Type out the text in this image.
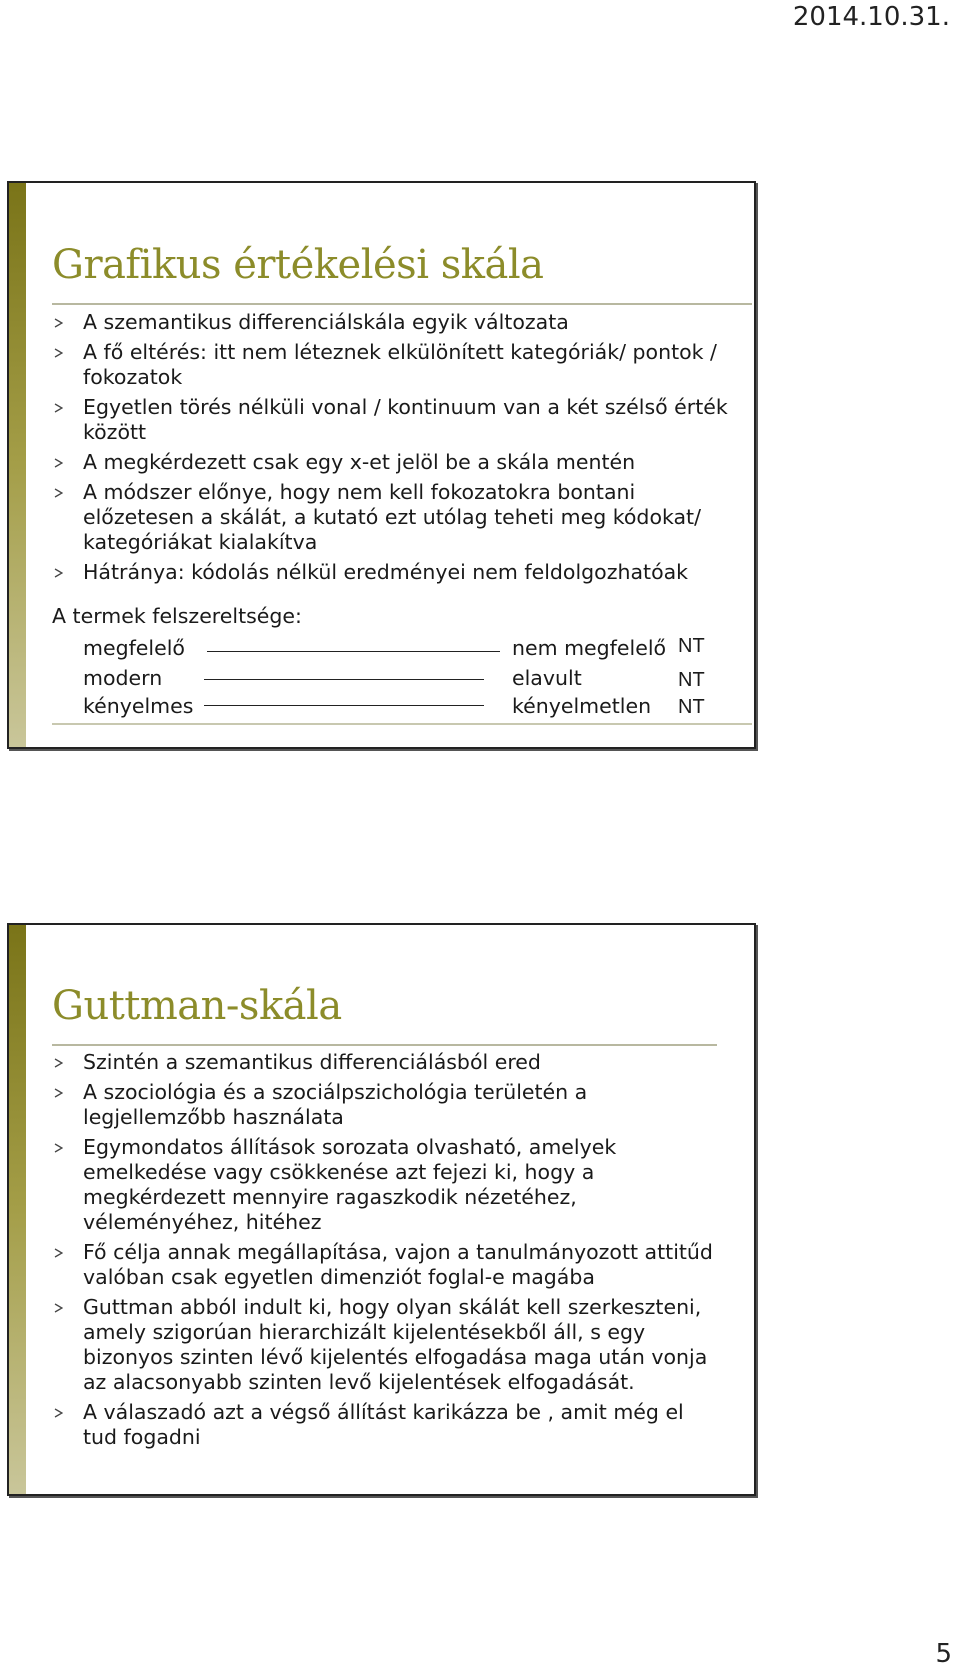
2014.10.31.
Grafikus értékelési skála
A szemantikus differenciálskála egyik változata
A fő eltérés: itt nem léteznek elkülönített kategóriák/ pontok / fokozatok
Egyetlen törés nélküli vonal / kontinuum van a két szélső érték között
A megkérdezett csak egy x-et jelöl be a skála mentén
A módszer előnye, hogy nem kell fokozatokra bontani előzetesen a skálát, a kutató ezt utólag teheti meg kódokat/ kategóriákat kialakítva
Hátránya: kódolás nélkül eredményei nem feldolgozhatóak
A termek felszereltsége:
megfelelő	nem megfelelő NT
modern	elavult	NT
kényelmes	kényelmetlen NT
Guttman-skála
Szintén a szemantikus differenciálásból ered
A szociológia és a szociálpszichológia területén a legjellemzőbb használata
Egymondatos állítások sorozata olvasható, amelyek emelkedése vagy csökkenése azt fejezi ki, hogy a megkérdezett mennyire ragaszkodik nézetéhez, véleményéhez, hitéhez
Fő célja annak megállapítása, vajon a tanulmányozott attitűd valóban csak egyetlen dimenziót foglal-e magába
Guttman abból indult ki, hogy olyan skálát kell szerkeszteni, amely szigorúan hierarchizált kijelentésekből áll, s egy bizonyos szinten lévő kijelentés elfogadása maga után vonja az alacsonyabb szinten levő kijelentések elfogadását.
A válaszadó azt a végső állítást karikázza be , amit még el tud fogadni
5
